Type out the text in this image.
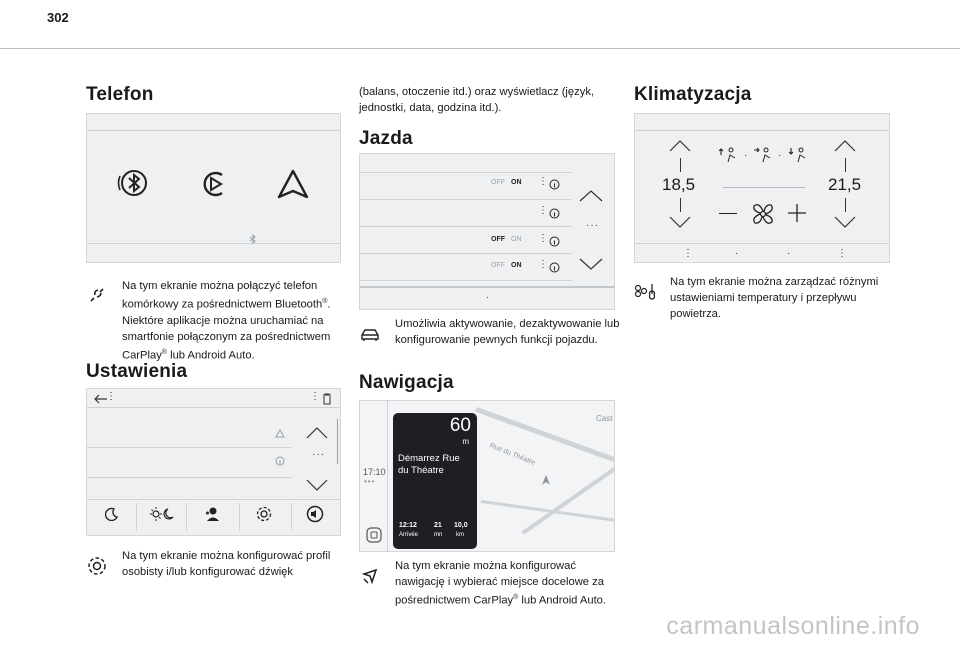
302
Telefon
Na tym ekranie można połączyć telefon komórkowy za pośrednictwem Bluetooth®. Niektóre aplikacje można uruchamiać na smartfonie połączonym za pośrednictwem CarPlay® lub Android Auto.
Ustawienia
⋮	⋮
···
Na tym ekranie można konfigurować profil osobisty i/lub konfigurować dźwięk
(balans, otoczenie itd.) oraz wyświetlacz (język, jednostki, data, godzina itd.).
Jazda
OFF ON ⋮
⋮
OFF ON ⋮
OFF ON ⋮
···
·
Umożliwia aktywowanie, dezaktywowanie lub konfigurowanie pewnych funkcji pojazdu.
Nawigacja
Rue du Théatre
Cast
17:10
•••
60
m
Démarrez Rue du Théatre
12:12
Arrivée
21
mn
10,0
km
Na tym ekranie można konfigurować nawigację i wybierać miejsce docelowe za pośrednictwem CarPlay® lub Android Auto.
Klimatyzacja
18,5
·	·
21,5
⋮	·	·	⋮
Na tym ekranie można zarządzać różnymi ustawieniami temperatury i przepływu powietrza.
carmanualsonline.info
